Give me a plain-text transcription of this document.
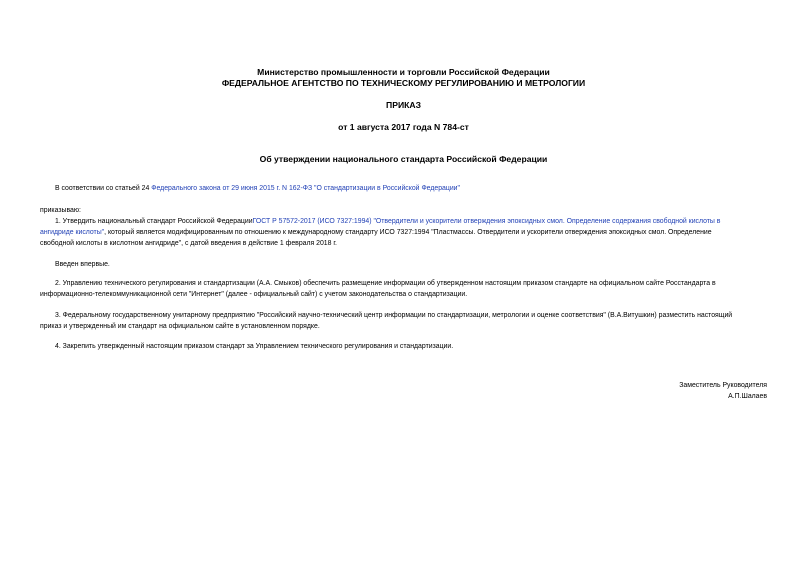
Министерство промышленности и торговли Российской Федерации
ФЕДЕРАЛЬНОЕ АГЕНТСТВО ПО ТЕХНИЧЕСКОМУ РЕГУЛИРОВАНИЮ И МЕТРОЛОГИИ
ПРИКАЗ
от 1 августа 2017 года N 784-ст
Об утверждении национального стандарта Российской Федерации
В соответствии со статьей 24 Федерального закона от 29 июня 2015 г. N 162-ФЗ "О стандартизации в Российской Федерации"
приказываю:
1. Утвердить национальный стандарт Российской ФедерацииГОСТ Р 57572-2017 (ИСО 7327:1994) "Отвердители и ускорители отверждения эпоксидных смол. Определение содержания свободной кислоты в
ангидриде кислоты", который является модифицированным по отношению к международному стандарту ИСО 7327:1994 "Пластмассы. Отвердители и ускорители отверждения эпоксидных смол. Определение
свободной кислоты в кислотном ангидриде", с датой введения в действие 1 февраля 2018 г.
Введен впервые.
2. Управлению технического регулирования и стандартизации (А.А. Смыков) обеспечить размещение информации об утвержденном настоящим приказом стандарте на официальном сайте Росстандарта в
информационно-телекоммуникационной сети "Интернет" (далее - официальный сайт) с учетом законодательства о стандартизации.
3. Федеральному государственному унитарному предприятию "Российский научно-технический центр информации по стандартизации, метрологии и оценке соответствия" (В.А.Витушкин) разместить настоящий
приказ и утвержденный им стандарт на официальном сайте в установленном порядке.
4. Закрепить утвержденный настоящим приказом стандарт за Управлением технического регулирования и стандартизации.
Заместитель Руководителя
А.П.Шалаев
